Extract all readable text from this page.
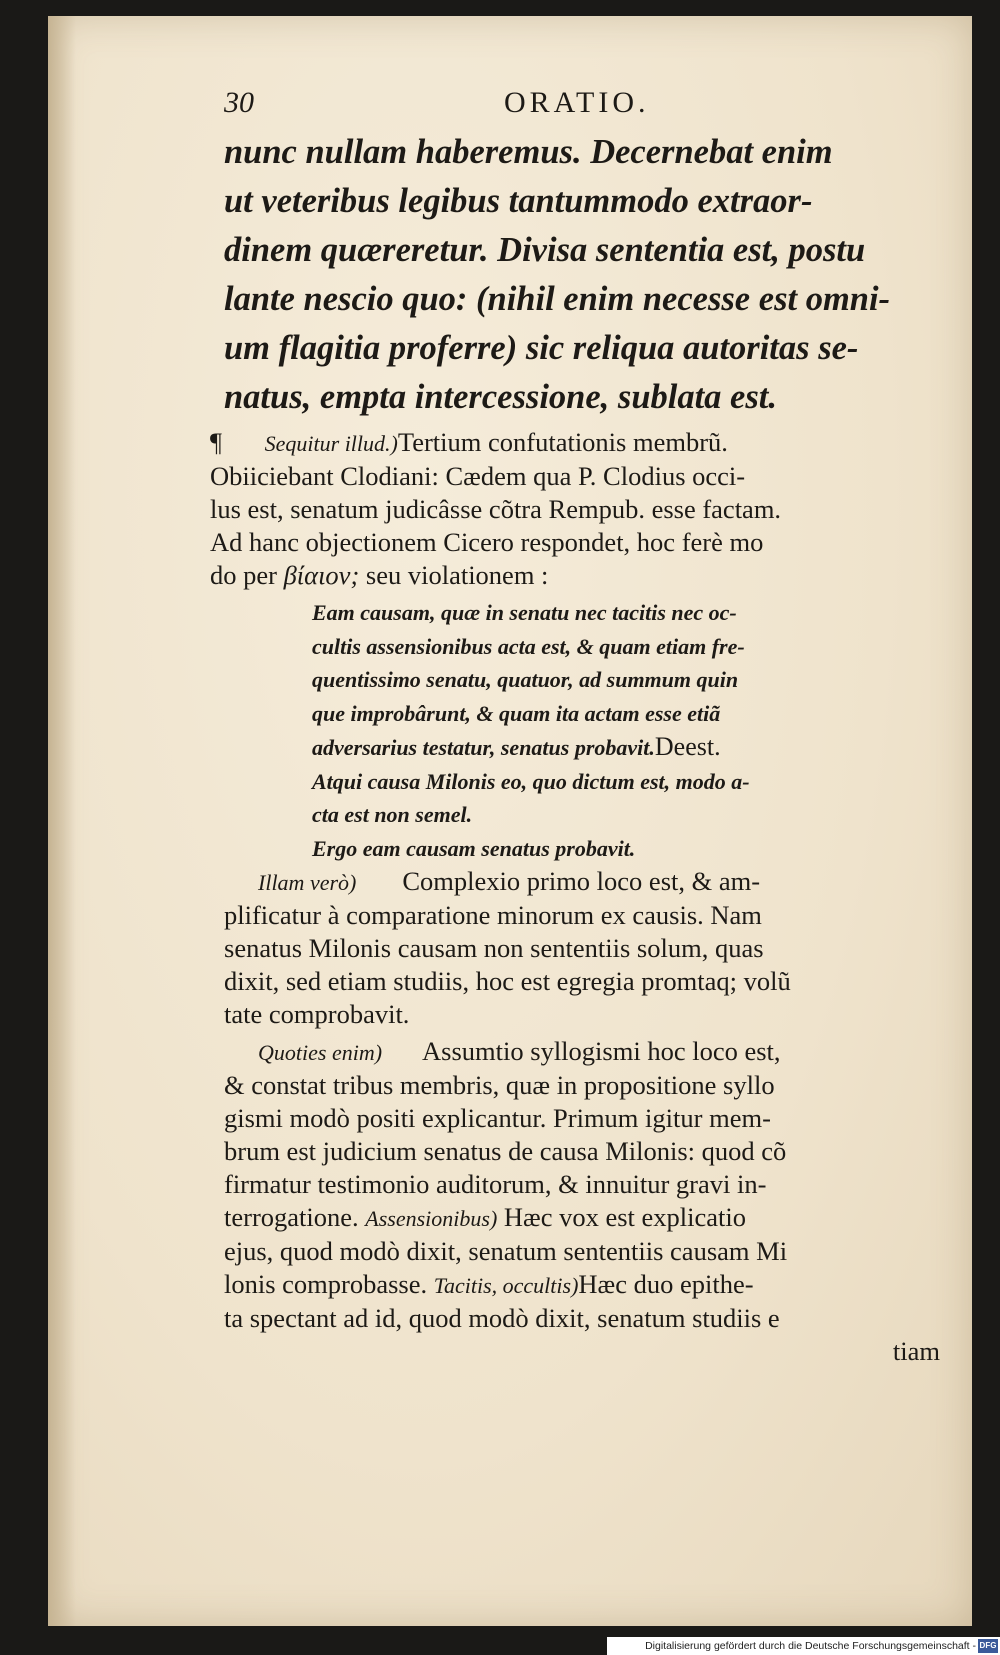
30	ORATIO.
nunc nullam haberemus. Decernebat enim
ut veteribus legibus tantummodo extraor-
dinem quæreretur. Divisa sententia est, postu
lante nescio quo: (nihil enim necesse est omni-
um flagitia proferre) sic reliqua autoritas se-
natus, empta intercessione, sublata est.
¶ Sequitur illud.)Tertium confutationis membrũ.
Obiiciebant Clodiani: Cædem qua P. Clodius occi-
lus est, senatum judicâsse cõtra Rempub. esse factam.
Ad hanc objectionem Cicero respondet, hoc ferè mo
do per βίαιον; seu violationem :
Eam causam, quæ in senatu nec tacitis nec oc-
cultis assensionibus acta est, & quam etiam fre-
quentissimo senatu, quatuor, ad summum quin
que improbârunt, & quam ita actam esse etiã
adversarius testatur, senatus probavit.Deest.
Atqui causa Milonis eo, quo dictum est, modo a-
cta est non semel.
Ergo eam causam senatus probavit.
Illam verò) Complexio primo loco est, & am-
plificatur à comparatione minorum ex causis. Nam
senatus Milonis causam non sententiis solum, quas
dixit, sed etiam studiis, hoc est egregia promtaq; volũ
tate comprobavit.
Quoties enim) Assumtio syllogismi hoc loco est,
& constat tribus membris, quæ in propositione syllo
gismi modò positi explicantur. Primum igitur mem-
brum est judicium senatus de causa Milonis: quod cõ
firmatur testimonio auditorum, & innuitur gravi in-
terrogatione. Assensionibus) Hæc vox est explicatio
ejus, quod modò dixit, senatum sententiis causam Mi
lonis comprobasse. Tacitis, occultis)Hæc duo epithe-
ta spectant ad id, quod modò dixit, senatum studiis e
tiam
Digitalisierung gefördert durch die Deutsche Forschungsgemeinschaft - DFG
